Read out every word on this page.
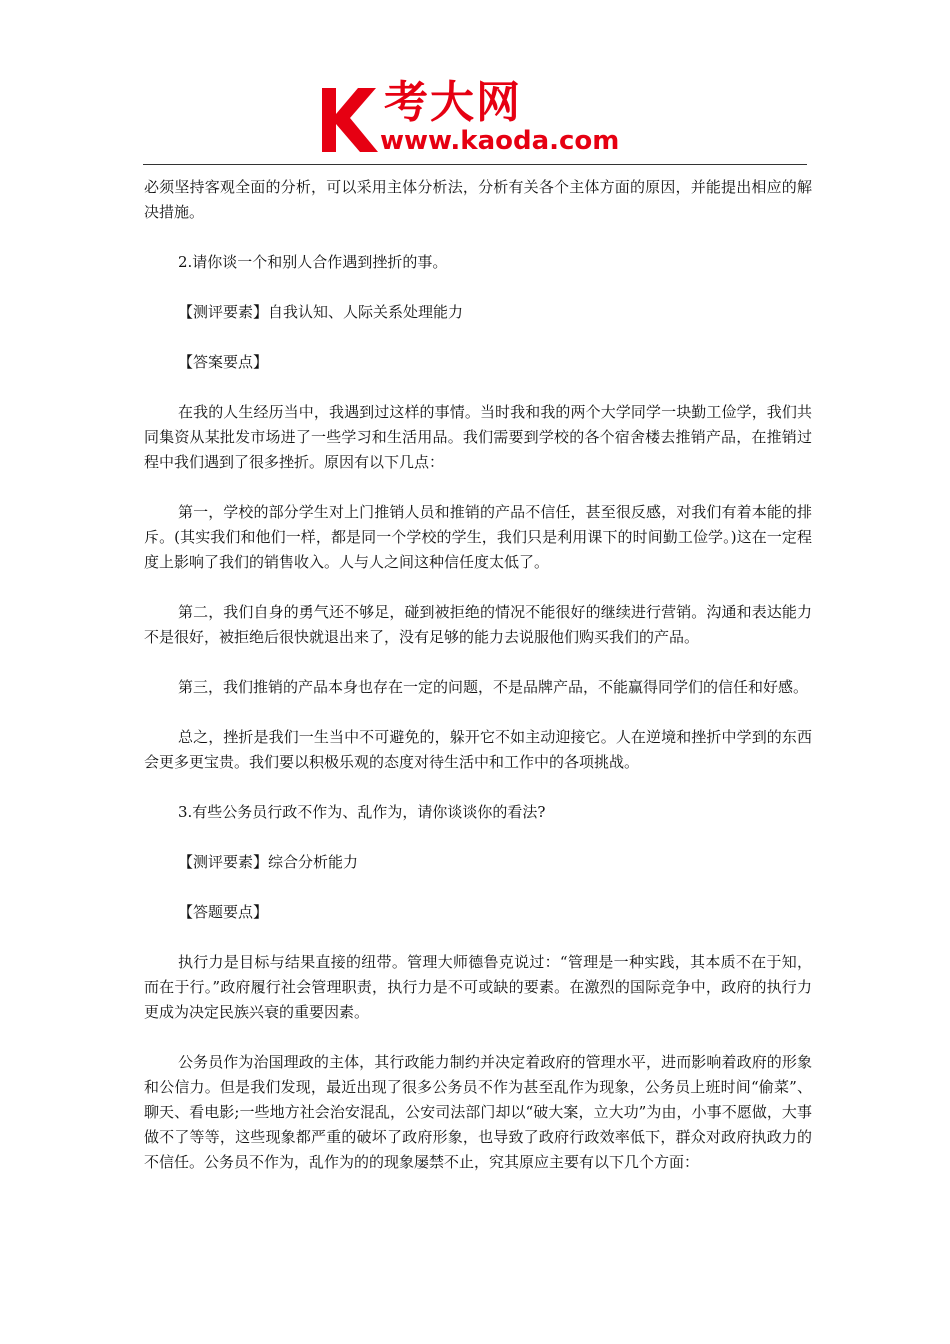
考大网
www.kaoda.com

必须坚持客观全面的分析，可以采用主体分析法，分析有关各个主体方面的原因，并能提出相应的解决措施。

2.请你谈一个和别人合作遇到挫折的事。

【测评要素】自我认知、人际关系处理能力

【答案要点】

在我的人生经历当中，我遇到过这样的事情。当时我和我的两个大学同学一块勤工俭学，我们共同集资从某批发市场进了一些学习和生活用品。我们需要到学校的各个宿舍楼去推销产品，在推销过程中我们遇到了很多挫折。原因有以下几点：

第一，学校的部分学生对上门推销人员和推销的产品不信任，甚至很反感，对我们有着本能的排斥。(其实我们和他们一样，都是同一个学校的学生，我们只是利用课下的时间勤工俭学。)这在一定程度上影响了我们的销售收入。人与人之间这种信任度太低了。

第二，我们自身的勇气还不够足，碰到被拒绝的情况不能很好的继续进行营销。沟通和表达能力不是很好，被拒绝后很快就退出来了，没有足够的能力去说服他们购买我们的产品。

第三，我们推销的产品本身也存在一定的问题，不是品牌产品，不能赢得同学们的信任和好感。

总之，挫折是我们一生当中不可避免的，躲开它不如主动迎接它。人在逆境和挫折中学到的东西会更多更宝贵。我们要以积极乐观的态度对待生活中和工作中的各项挑战。

3.有些公务员行政不作为、乱作为，请你谈谈你的看法?

【测评要素】综合分析能力

【答题要点】

执行力是目标与结果直接的纽带。管理大师德鲁克说过：“管理是一种实践，其本质不在于知，而在于行。”政府履行社会管理职责，执行力是不可或缺的要素。在激烈的国际竞争中，政府的执行力更成为决定民族兴衰的重要因素。

公务员作为治国理政的主体，其行政能力制约并决定着政府的管理水平，进而影响着政府的形象和公信力。但是我们发现，最近出现了很多公务员不作为甚至乱作为现象，公务员上班时间“偷菜”、聊天、看电影;一些地方社会治安混乱，公安司法部门却以“破大案，立大功”为由，小事不愿做，大事做不了等等，这些现象都严重的破坏了政府形象，也导致了政府行政效率低下，群众对政府执政力的不信任。公务员不作为，乱作为的的现象屡禁不止，究其原应主要有以下几个方面：
